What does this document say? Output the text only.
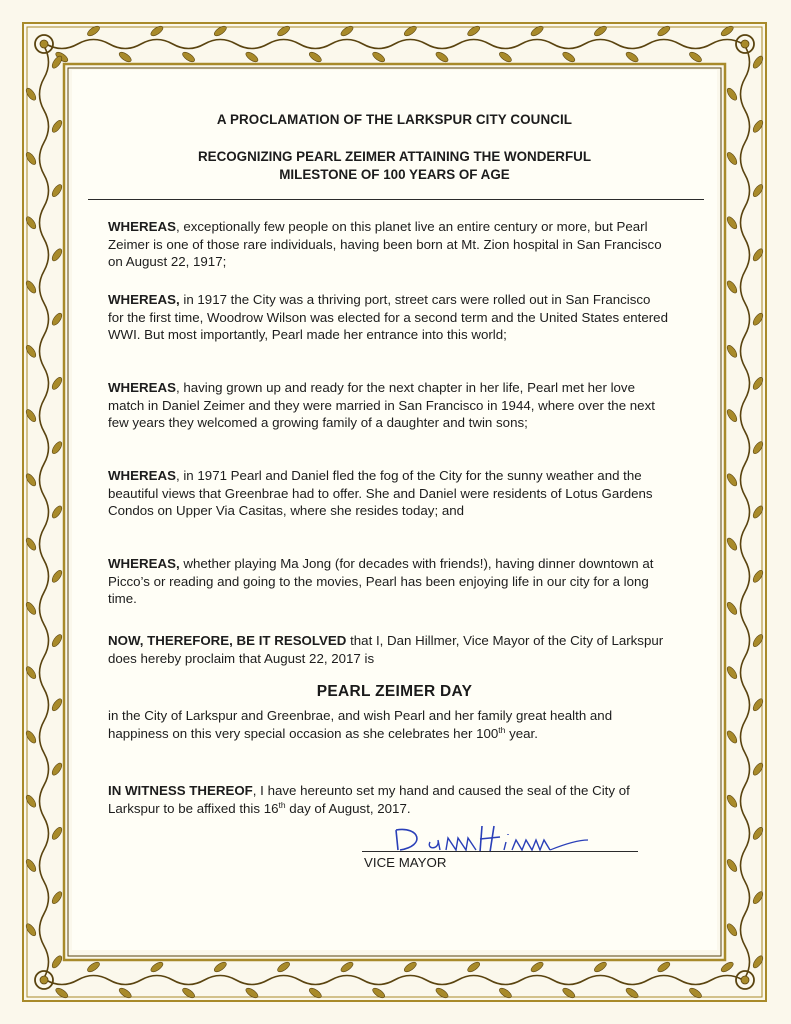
A PROCLAMATION OF THE LARKSPUR CITY COUNCIL
RECOGNIZING PEARL ZEIMER ATTAINING THE WONDERFUL
MILESTONE OF 100 YEARS OF AGE
WHEREAS, exceptionally few people on this planet live an entire century or more, but Pearl Zeimer is one of those rare individuals, having been born at Mt. Zion hospital in San Francisco on August 22, 1917;
WHEREAS, in 1917 the City was a thriving port, street cars were rolled out in San Francisco for the first time, Woodrow Wilson was elected for a second term and the United States entered WWI. But most importantly, Pearl made her entrance into this world;
WHEREAS, having grown up and ready for the next chapter in her life, Pearl met her love match in Daniel Zeimer and they were married in San Francisco in 1944, where over the next few years they welcomed a growing family of a daughter and twin sons;
WHEREAS, in 1971 Pearl and Daniel fled the fog of the City for the sunny weather and the beautiful views that Greenbrae had to offer. She and Daniel were residents of Lotus Gardens Condos on Upper Via Casitas, where she resides today; and
WHEREAS, whether playing Ma Jong (for decades with friends!), having dinner downtown at Picco’s or reading and going to the movies, Pearl has been enjoying life in our city for a long time.
NOW, THEREFORE, BE IT RESOLVED that I, Dan Hillmer, Vice Mayor of the City of Larkspur does hereby proclaim that August 22, 2017 is
PEARL ZEIMER DAY
in the City of Larkspur and Greenbrae, and wish Pearl and her family great health and happiness on this very special occasion as she celebrates her 100th year.
IN WITNESS THEREOF, I have hereunto set my hand and caused the seal of the City of Larkspur to be affixed this 16th day of August, 2017.
VICE MAYOR
